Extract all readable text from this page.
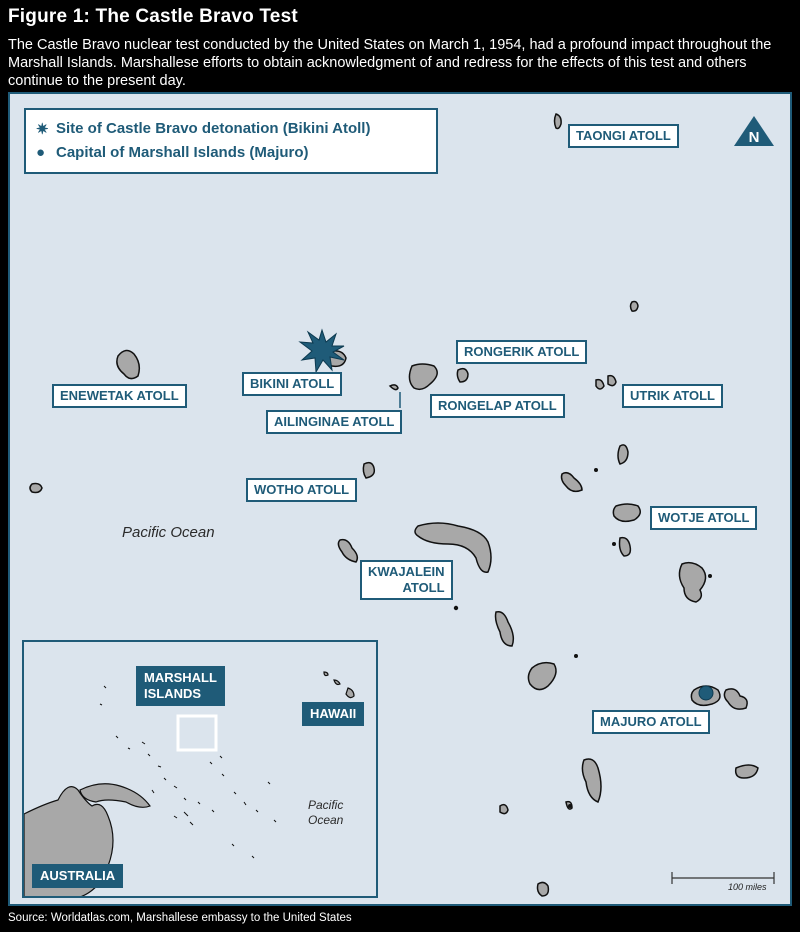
Figure 1: The Castle Bravo Test
The Castle Bravo nuclear test conducted by the United States on March 1, 1954, had a profound impact throughout the Marshall Islands. Marshallese efforts to obtain acknowledgment of and redress for the effects of this test and others continue to the present day.
N
✷ Site of Castle Bravo detonation (Bikini Atoll)
● Capital of Marshall Islands (Majuro)
TAONGI ATOLL
ENEWETAK ATOLL
BIKINI ATOLL
AILINGINAE ATOLL
RONGERIK ATOLL
RONGELAP ATOLL
UTRIK ATOLL
WOTHO ATOLL
WOTJE ATOLL
KWAJALEIN
ATOLL
MAJURO ATOLL
Pacific Ocean
MARSHALL
ISLANDS
HAWAII
AUSTRALIA
Pacific
Ocean
100 miles
Source: Worldatlas.com, Marshallese embassy to the United States
